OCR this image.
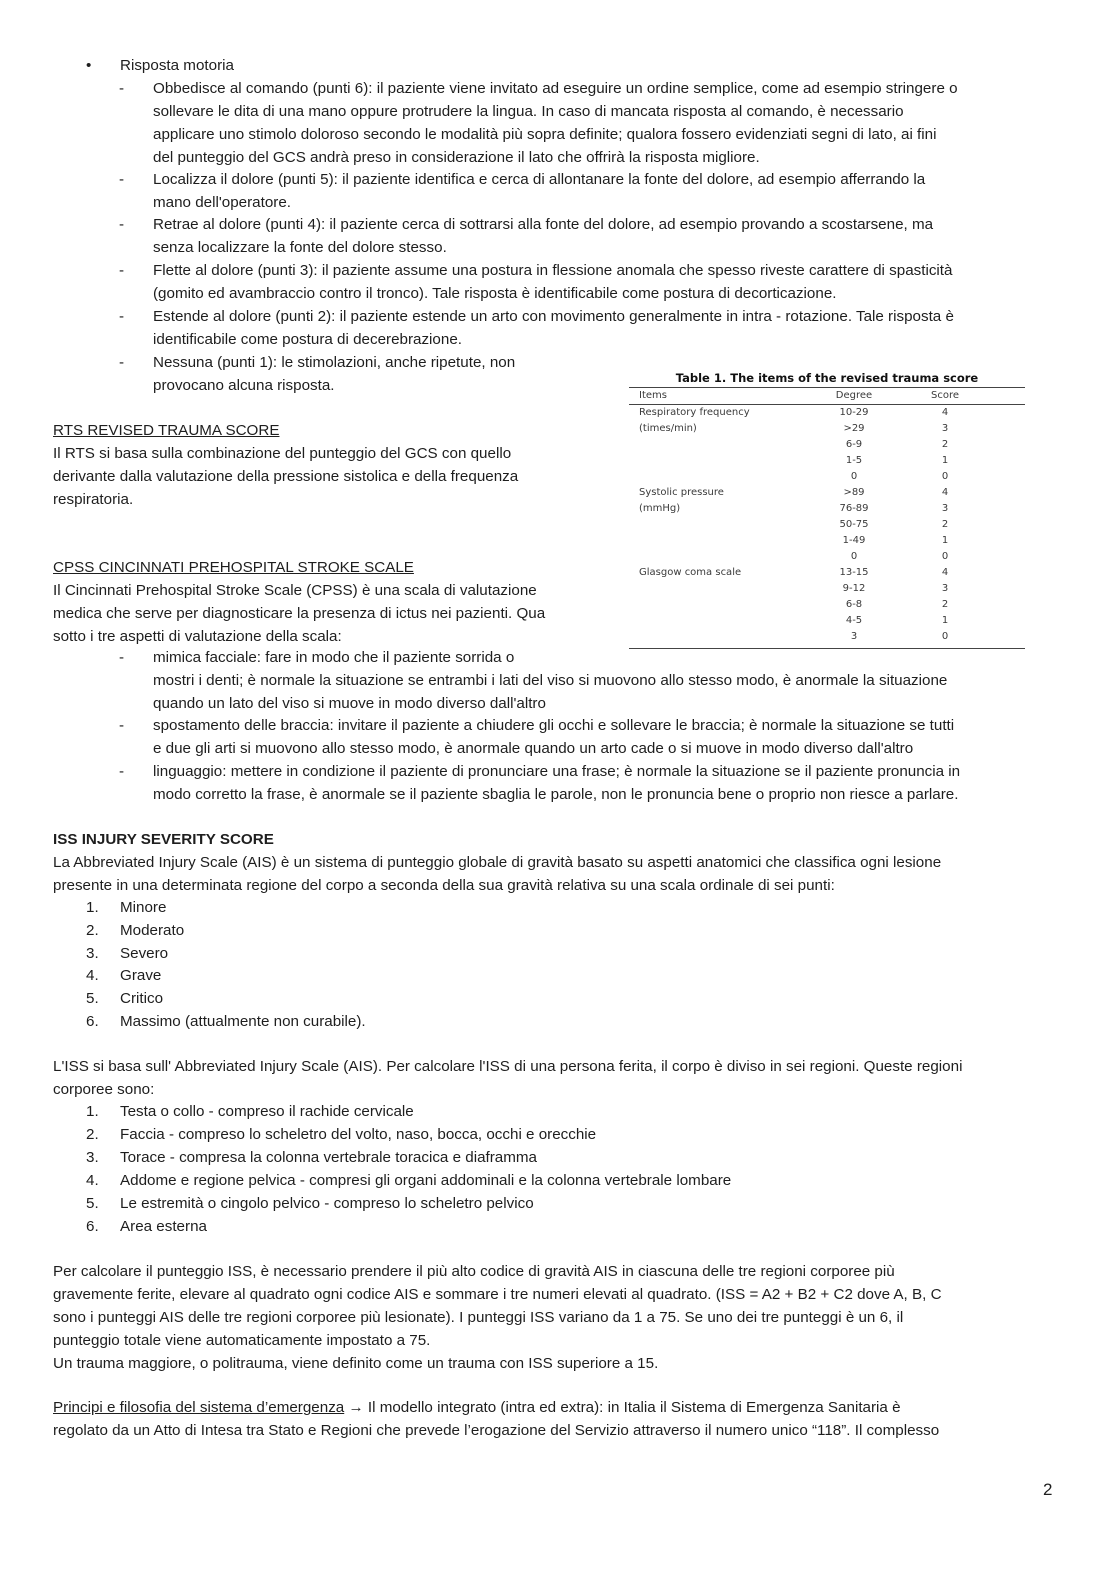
• Risposta motoria
- Obbedisce al comando (punti 6): il paziente viene invitato ad eseguire un ordine semplice, come ad esempio stringere o

sollevare le dita di una mano oppure protrudere la lingua. In caso di mancata risposta al comando, è necessario

applicare uno stimolo doloroso secondo le modalità più sopra definite; qualora fossero evidenziati segni di lato, ai fini

del punteggio del GCS andrà preso in considerazione il lato che offrirà la risposta migliore.

- Localizza il dolore (punti 5): il paziente identifica e cerca di allontanare la fonte del dolore, ad esempio afferrando la

mano dell'operatore.

- Retrae al dolore (punti 4): il paziente cerca di sottrarsi alla fonte del dolore, ad esempio provando a scostarsene, ma

senza localizzare la fonte del dolore stesso.

- Flette al dolore (punti 3): il paziente assume una postura in flessione anomala che spesso riveste carattere di spasticità

(gomito ed avambraccio contro il tronco). Tale risposta è identificabile come postura di decorticazione.

- Estende al dolore (punti 2): il paziente estende un arto con movimento generalmente in intra - rotazione. Tale risposta è

identificabile come postura di decerebrazione.

- Nessuna (punti 1): le stimolazioni, anche ripetute, non

provocano alcuna risposta.

RTS REVISED TRAUMA SCORE

Il RTS si basa sulla combinazione del punteggio del GCS con quello

derivante dalla valutazione della pressione sistolica e della frequenza

respiratoria.

Table 1. The items of the revised trauma score
Items	Degree	Score
Respiratory frequency	10-29	4
(times/min)	>29	3
6-9	2
1-5	1
0	0
Systolic pressure	>89	4
(mmHg)	76-89	3
50-75	2
1-49	1
0	0
Glasgow coma scale	13-15	4
9-12	3
6-8	2
4-5	1
3	0

CPSS CINCINNATI PREHOSPITAL STROKE SCALE

Il Cincinnati Prehospital Stroke Scale (CPSS) è una scala di valutazione

medica che serve per diagnosticare la presenza di ictus nei pazienti. Qua

sotto i tre aspetti di valutazione della scala:

- mimica facciale: fare in modo che il paziente sorrida o

mostri i denti; è normale la situazione se entrambi i lati del viso si muovono allo stesso modo, è anormale la situazione

quando un lato del viso si muove in modo diverso dall'altro

- spostamento delle braccia: invitare il paziente a chiudere gli occhi e sollevare le braccia; è normale la situazione se tutti

e due gli arti si muovono allo stesso modo, è anormale quando un arto cade o si muove in modo diverso dall'altro

- linguaggio: mettere in condizione il paziente di pronunciare una frase; è normale la situazione se il paziente pronuncia in

modo corretto la frase, è anormale se il paziente sbaglia le parole, non le pronuncia bene o proprio non riesce a parlare.

ISS INJURY SEVERITY SCORE

La Abbreviated Injury Scale (AIS) è un sistema di punteggio globale di gravità basato su aspetti anatomici che classifica ogni lesione

presente in una determinata regione del corpo a seconda della sua gravità relativa su una scala ordinale di sei punti:

1. Minore
2. Moderato
3. Severo
4. Grave
5. Critico
6. Massimo (attualmente non curabile).

L'ISS si basa sull' Abbreviated Injury Scale (AIS). Per calcolare l'ISS di una persona ferita, il corpo è diviso in sei regioni. Queste regioni

corporee sono:

1. Testa o collo - compreso il rachide cervicale
2. Faccia - compreso lo scheletro del volto, naso, bocca, occhi e orecchie
3. Torace - compresa la colonna vertebrale toracica e diaframma
4. Addome e regione pelvica - compresi gli organi addominali e la colonna vertebrale lombare
5. Le estremità o cingolo pelvico - compreso lo scheletro pelvico
6. Area esterna

Per calcolare il punteggio ISS, è necessario prendere il più alto codice di gravità AIS in ciascuna delle tre regioni corporee più

gravemente ferite, elevare al quadrato ogni codice AIS e sommare i tre numeri elevati al quadrato. (ISS = A2 + B2 + C2 dove A, B, C

sono i punteggi AIS delle tre regioni corporee più lesionate). I punteggi ISS variano da 1 a 75. Se uno dei tre punteggi è un 6, il

punteggio totale viene automaticamente impostato a 75.

Un trauma maggiore, o politrauma, viene definito come un trauma con ISS superiore a 15.

Principi e filosofia del sistema d’emergenza → Il modello integrato (intra ed extra): in Italia il Sistema di Emergenza Sanitaria è

regolato da un Atto di Intesa tra Stato e Regioni che prevede l’erogazione del Servizio attraverso il numero unico “118”. Il complesso

2
